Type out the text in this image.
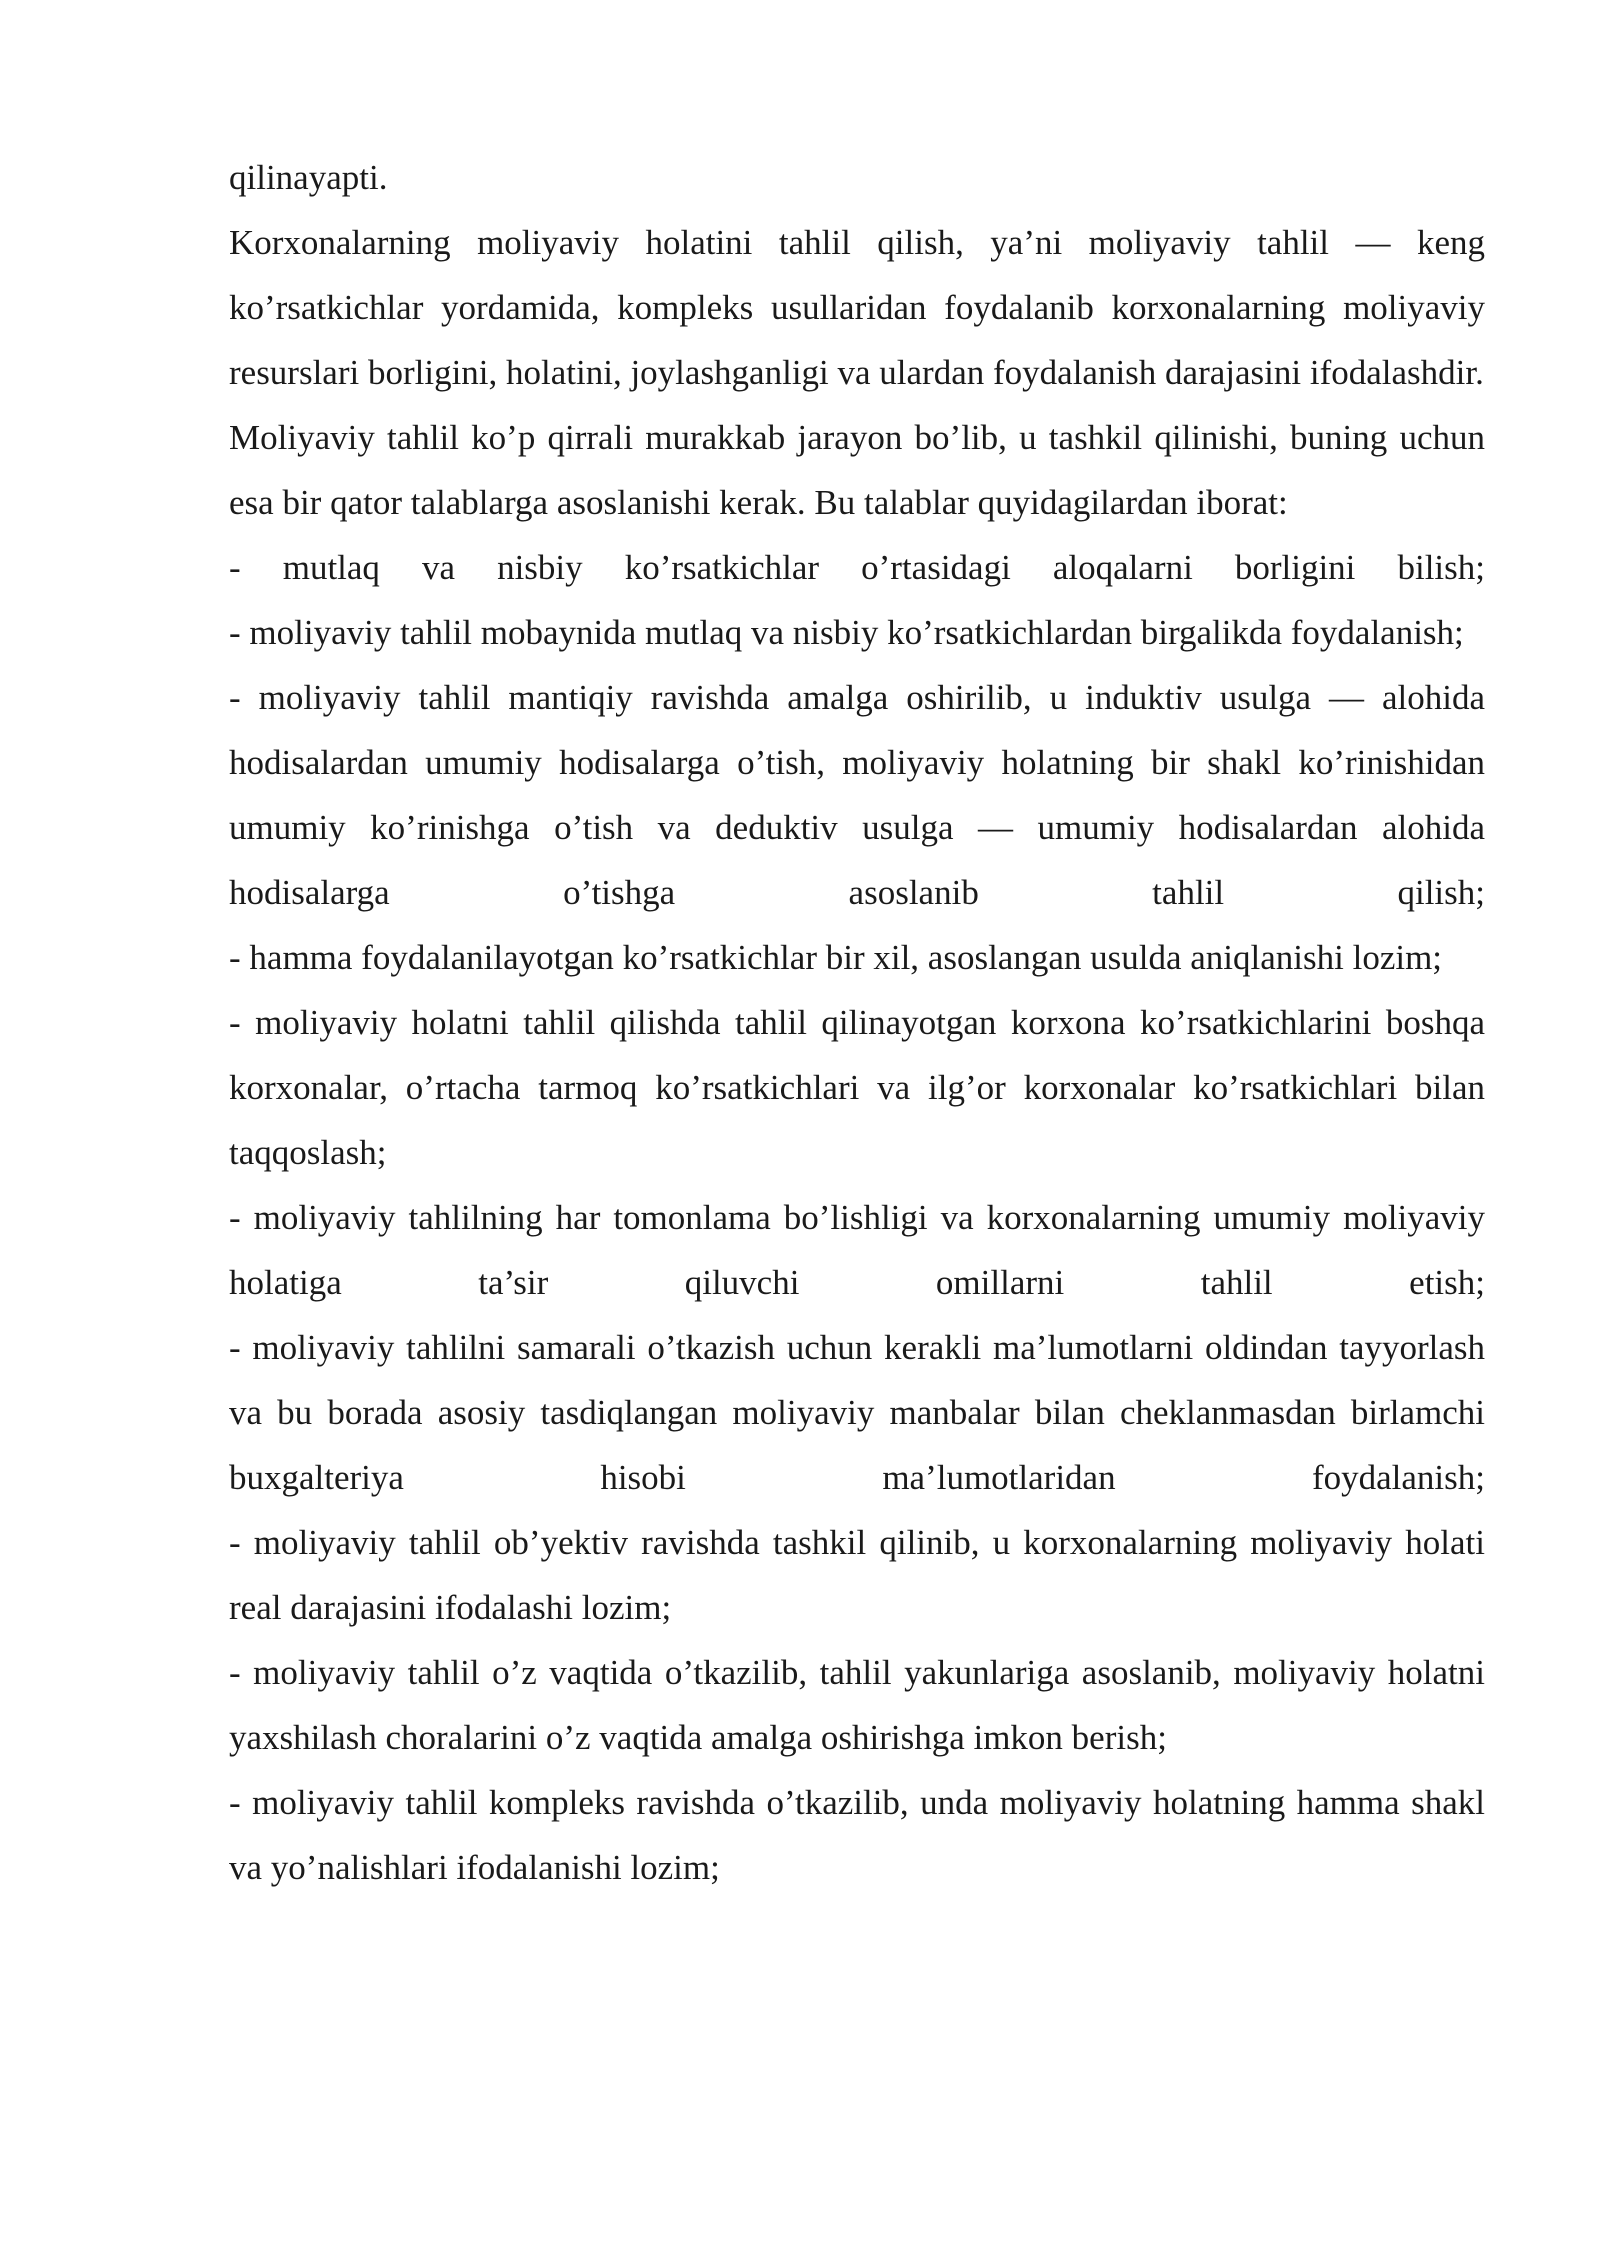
qilinayapti.

Korxonalarning moliyaviy holatini tahlil qilish, ya’ni moliyaviy tahlil — keng ko’rsatkichlar yordamida, kompleks usullaridan foydalanib korxonalarning moliyaviy resurslari borligini, holatini, joylashganligi va ulardan foydalanish darajasini ifodalashdir.

Moliyaviy tahlil ko’p qirrali murakkab jarayon bo’lib, u tashkil qilinishi, buning uchun esa bir qator talablarga asoslanishi kerak. Bu talablar quyidagilardan iborat:

- mutlaq va nisbiy ko’rsatkichlar o’rtasidagi aloqalarni borligini bilish;

- moliyaviy tahlil mobaynida mutlaq va nisbiy ko’rsatkichlardan birgalikda foydalanish;

- moliyaviy tahlil mantiqiy ravishda amalga oshirilib, u induktiv usulga — alohida hodisalardan umumiy hodisalarga o’tish, moliyaviy holatning bir shakl ko’rinishidan umumiy ko’rinishga o’tish va deduktiv usulga — umumiy hodisalardan alohida hodisalarga o’tishga asoslanib tahlil qilish;

- hamma foydalanilayotgan ko’rsatkichlar bir xil, asoslangan usulda aniqlanishi lozim;

- moliyaviy holatni tahlil qilishda tahlil qilinayotgan korxona ko’rsatkichlarini boshqa korxonalar, o’rtacha tarmoq ko’rsatkichlari va ilg’or korxonalar ko’rsatkichlari bilan taqqoslash;

- moliyaviy tahlilning har tomonlama bo’lishligi va korxonalarning umumiy moliyaviy holatiga ta’sir qiluvchi omillarni tahlil etish;

- moliyaviy tahlilni samarali o’tkazish uchun kerakli ma’lumotlarni oldindan tayyorlash va bu borada asosiy tasdiqlangan moliyaviy manbalar bilan cheklanmasdan birlamchi buxgalteriya hisobi ma’lumotlaridan foydalanish;

- moliyaviy tahlil ob’yektiv ravishda tashkil qilinib, u korxonalarning moliyaviy holati real darajasini ifodalashi lozim;

- moliyaviy tahlil o’z vaqtida o’tkazilib, tahlil yakunlariga asoslanib, moliyaviy holatni yaxshilash choralarini o’z vaqtida amalga oshirishga imkon berish;

- moliyaviy tahlil kompleks ravishda o’tkazilib, unda moliyaviy holatning hamma shakl va yo’nalishlari ifodalanishi lozim;
